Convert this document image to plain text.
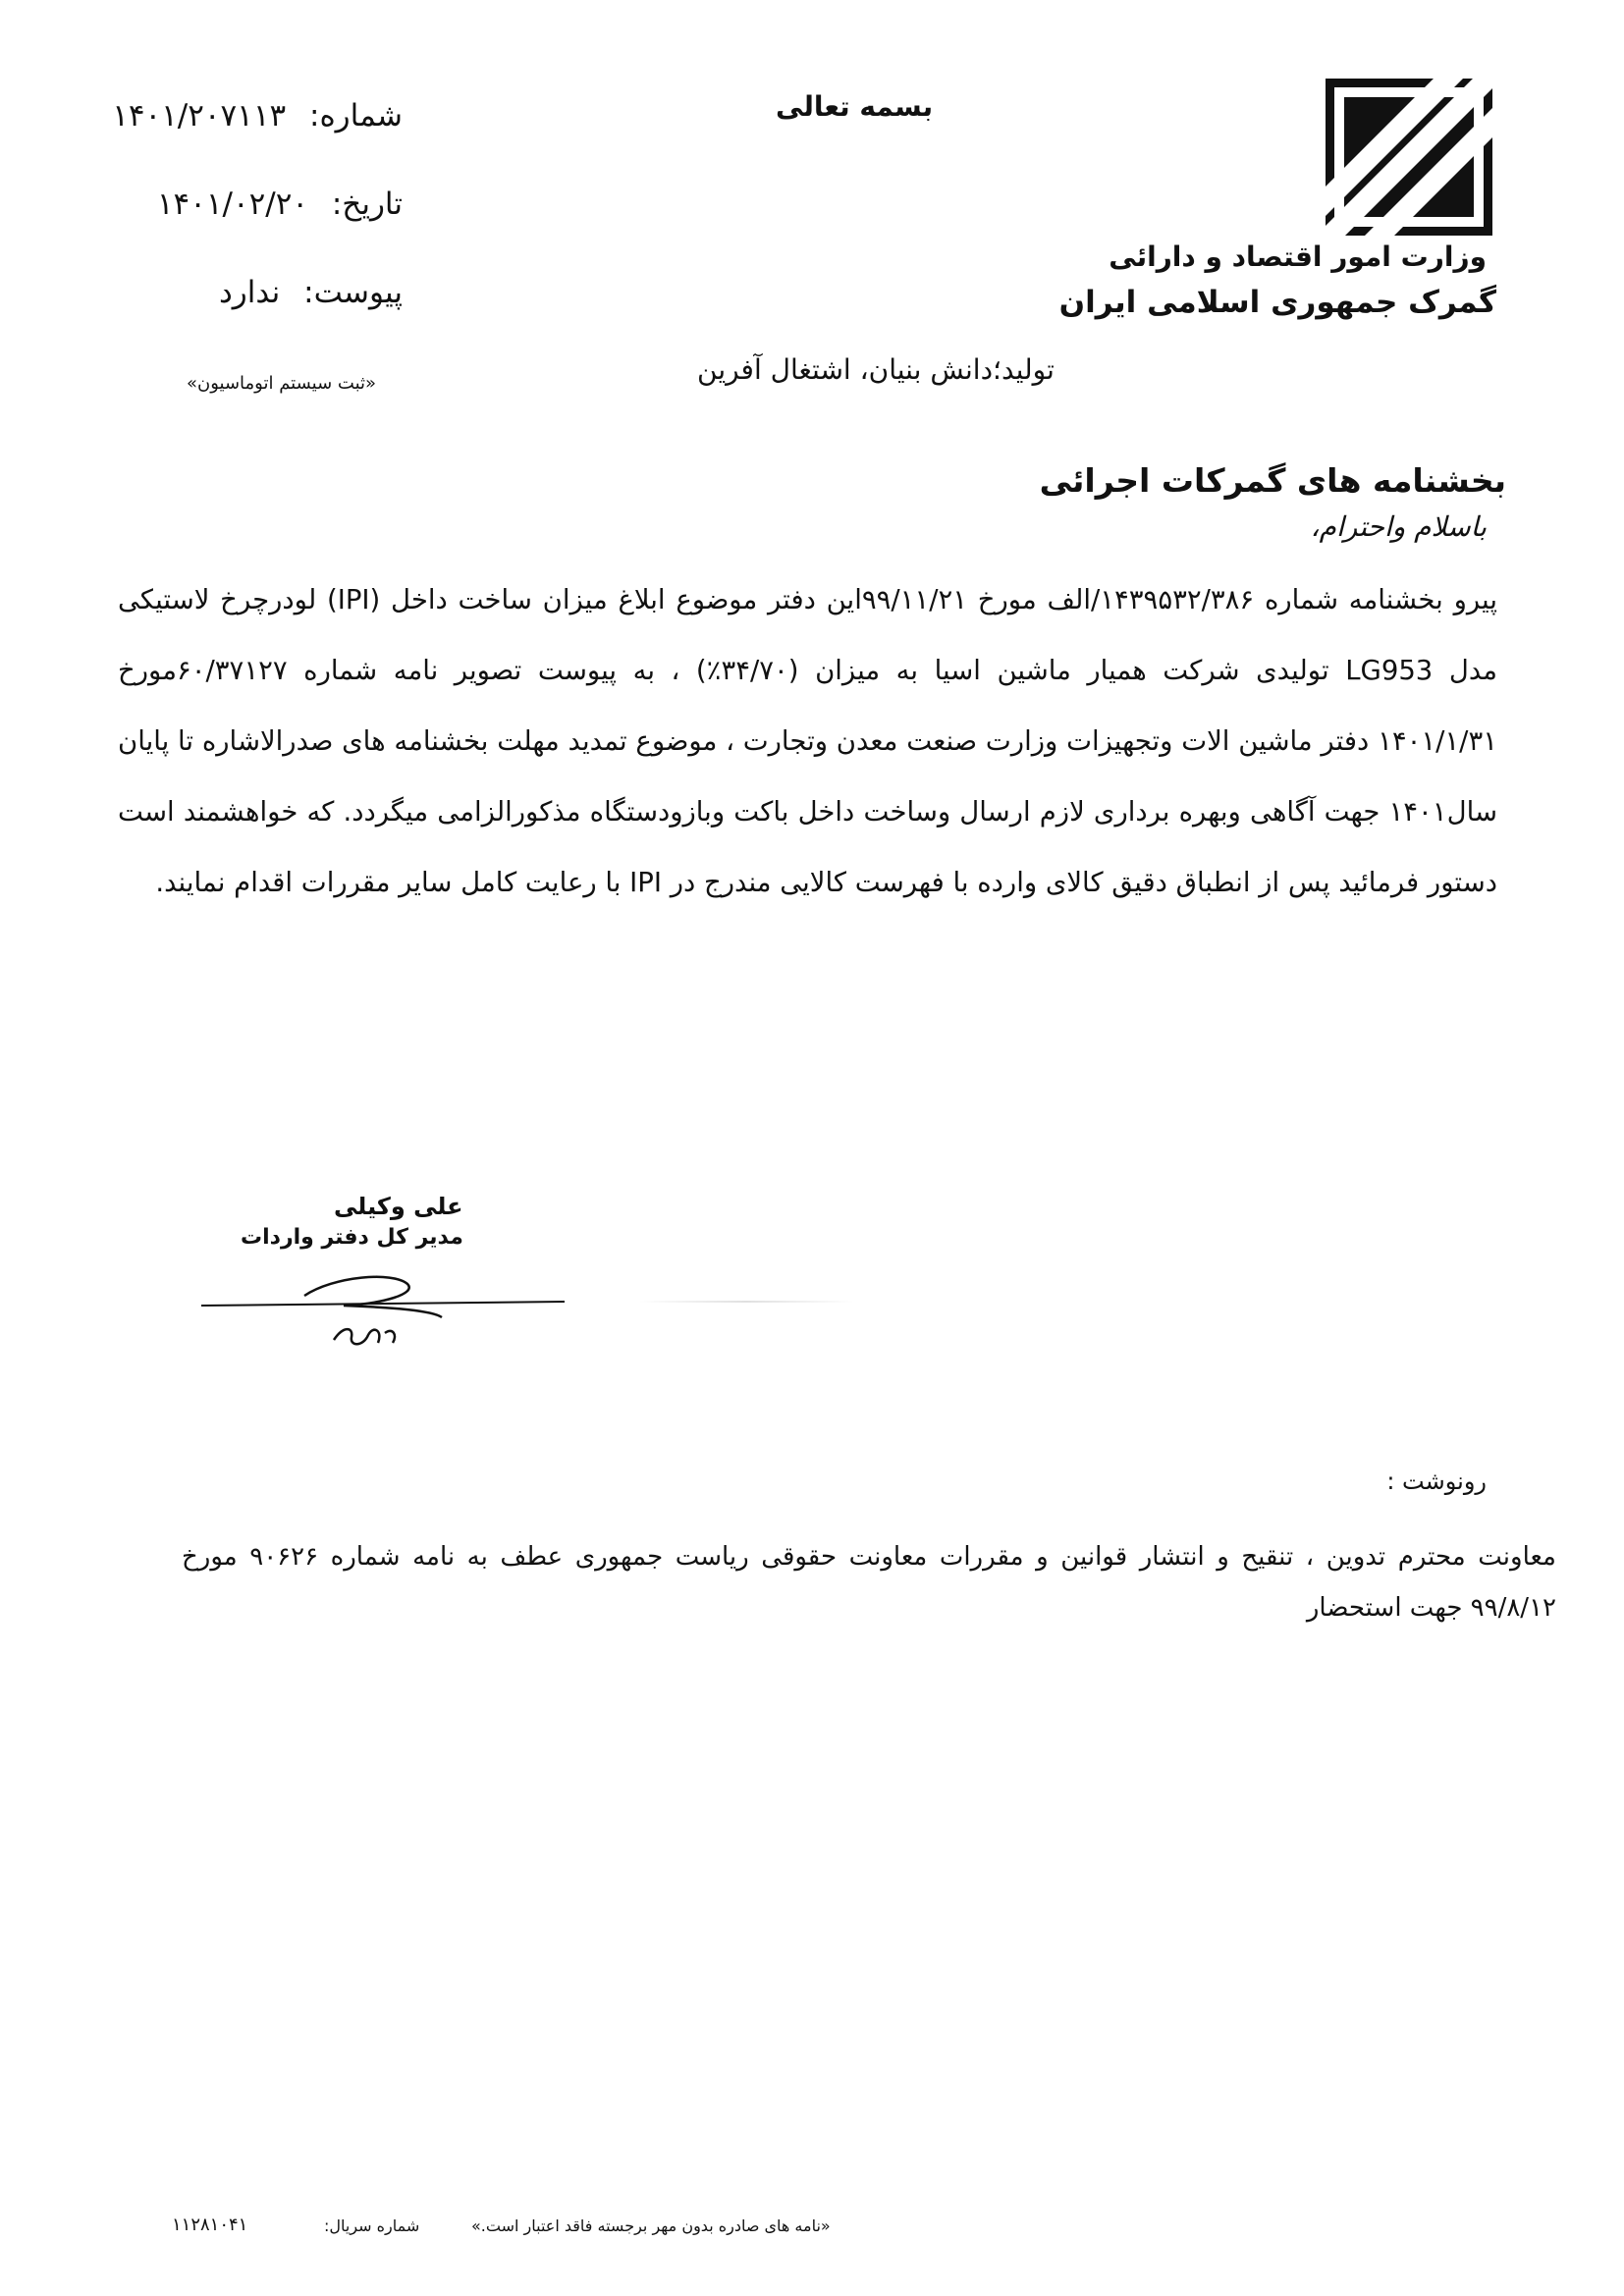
وزارت امور اقتصاد و دارائی
گمرک جمهوری اسلامی ایران
بسمه تعالی
تولید؛دانش بنیان، اشتغال آفرین
شماره: ۱۴۰۱/۲۰۷۱۱۳
تاریخ: ۱۴۰۱/۰۲/۲۰
پیوست: ندارد
«ثبت سیستم اتوماسیون»
بخشنامه های گمرکات اجرائی
باسلام واحترام،
پیرو بخشنامه شماره ۱۴۳۹۵۳۲/۳۸۶/الف مورخ ۹۹/۱۱/۲۱این دفتر موضوع ابلاغ میزان ساخت داخل (IPI) لودرچرخ لاستیکی مدل LG953 تولیدی شرکت همیار ماشین اسیا به میزان (۳۴/۷۰٪) ، به پیوست تصویر نامه شماره ۶۰/۳۷۱۲۷مورخ ۱۴۰۱/۱/۳۱ دفتر ماشین الات وتجهیزات وزارت صنعت معدن وتجارت ، موضوع تمدید مهلت بخشنامه های صدرالاشاره تا پایان سال۱۴۰۱ جهت آگاهی وبهره برداری لازم ارسال وساخت داخل باکت وبازودستگاه مذکورالزامی میگردد. که خواهشمند است دستور فرمائید پس از انطباق دقیق کالای وارده با فهرست کالایی مندرج در IPI با رعایت کامل سایر مقررات اقدام نمایند.
علی وکیلی
مدیر کل دفتر واردات
رونوشت :
معاونت محترم تدوین ، تنقیح و انتشار قوانین و مقررات معاونت حقوقی ریاست جمهوری عطف به نامه شماره ۹۰۶۲۶ مورخ ۹۹/۸/۱۲ جهت استحضار
«نامه های صادره بدون مهر برجسته فاقد اعتبار است.»
شماره سریال:
۱۱۲۸۱۰۴۱
